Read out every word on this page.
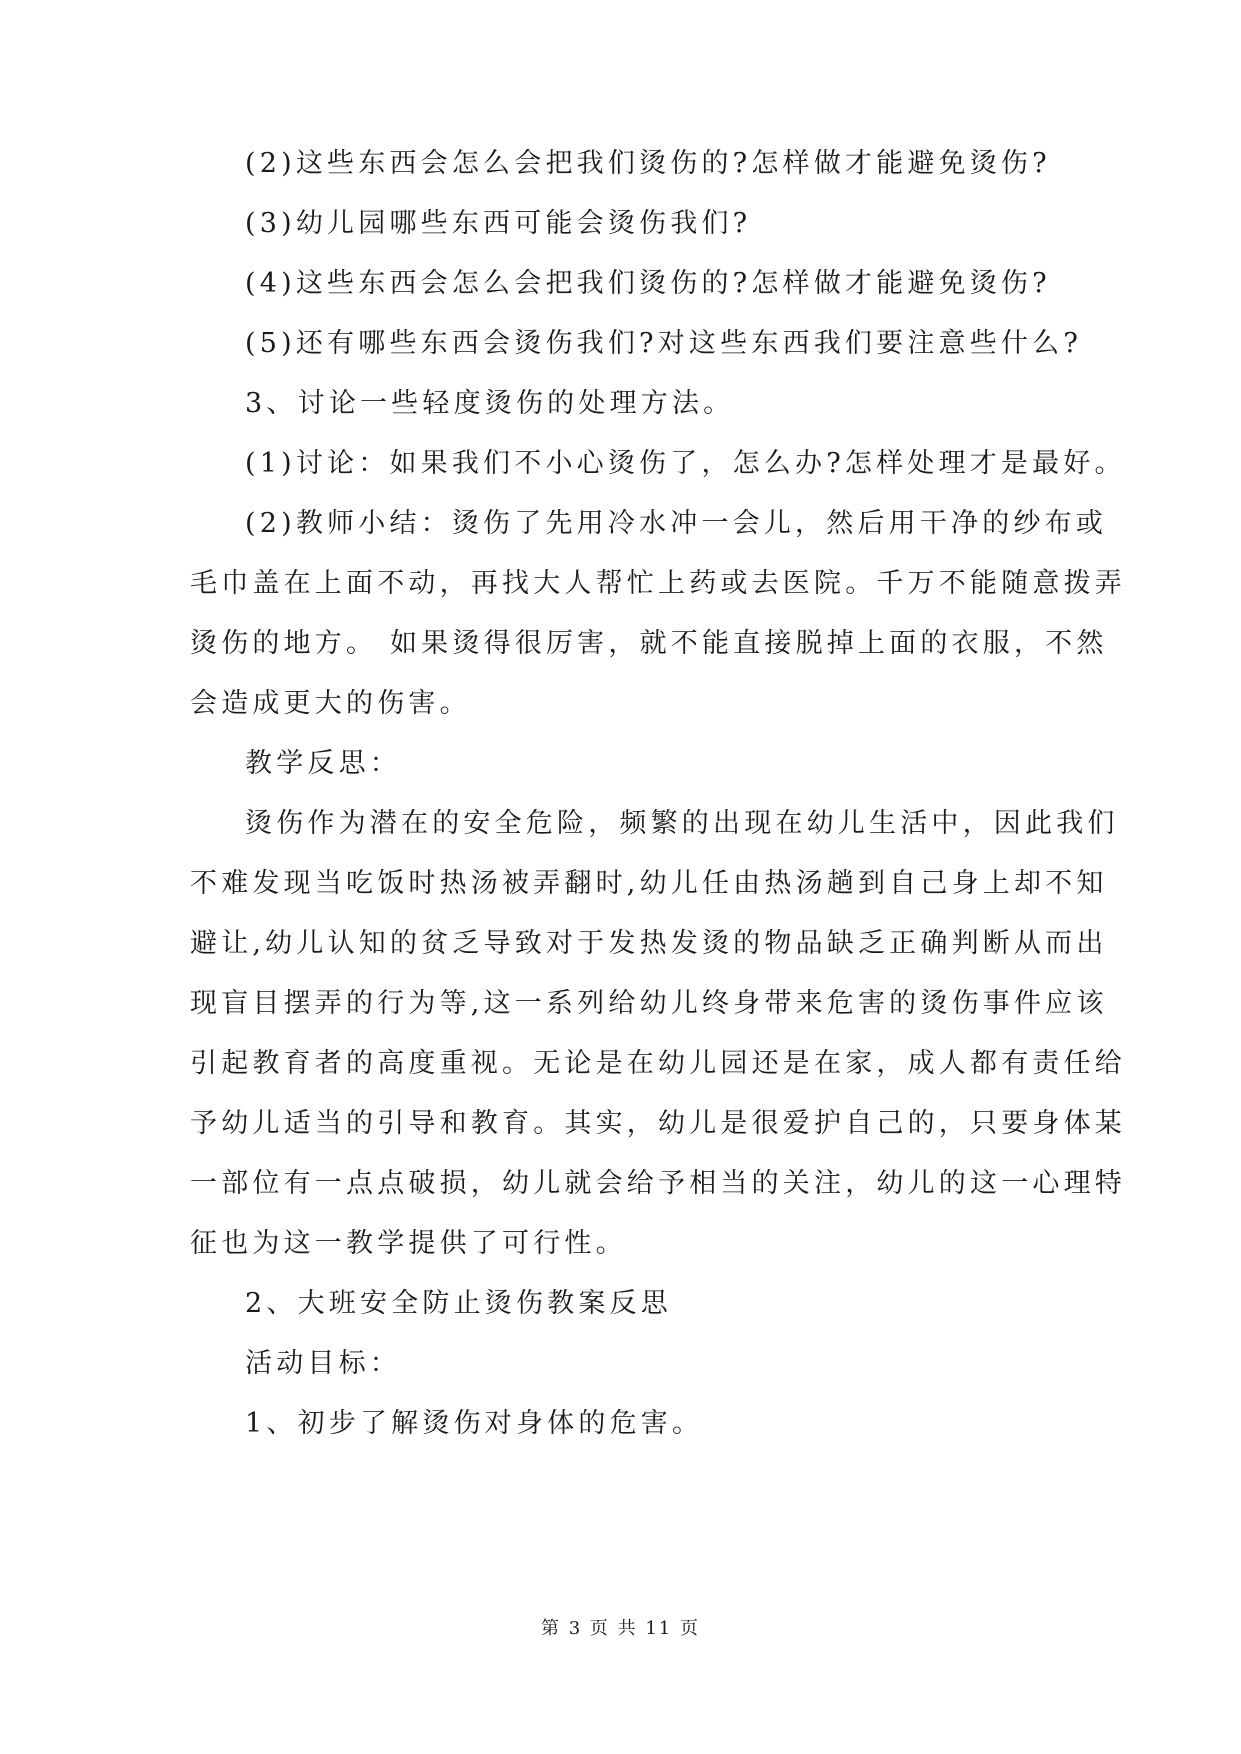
(2)这些东西会怎么会把我们烫伤的?怎样做才能避免烫伤?

(3)幼儿园哪些东西可能会烫伤我们?

(4)这些东西会怎么会把我们烫伤的?怎样做才能避免烫伤?

(5)还有哪些东西会烫伤我们?对这些东西我们要注意些什么?

3、讨论一些轻度烫伤的处理方法。

(1)讨论：如果我们不小心烫伤了，怎么办?怎样处理才是最好。

(2)教师小结：烫伤了先用冷水冲一会儿，然后用干净的纱布或

毛巾盖在上面不动，再找大人帮忙上药或去医院。千万不能随意拨弄

烫伤的地方。 如果烫得很厉害，就不能直接脱掉上面的衣服，不然

会造成更大的伤害。

教学反思：

烫伤作为潜在的安全危险，频繁的出现在幼儿生活中，因此我们

不难发现当吃饭时热汤被弄翻时,幼儿任由热汤趟到自己身上却不知

避让,幼儿认知的贫乏导致对于发热发烫的物品缺乏正确判断从而出

现盲目摆弄的行为等,这一系列给幼儿终身带来危害的烫伤事件应该

引起教育者的高度重视。无论是在幼儿园还是在家，成人都有责任给

予幼儿适当的引导和教育。其实，幼儿是很爱护自己的，只要身体某

一部位有一点点破损，幼儿就会给予相当的关注，幼儿的这一心理特

征也为这一教学提供了可行性。

2、大班安全防止烫伤教案反思

活动目标：

1、初步了解烫伤对身体的危害。

第 3 页 共 11 页
